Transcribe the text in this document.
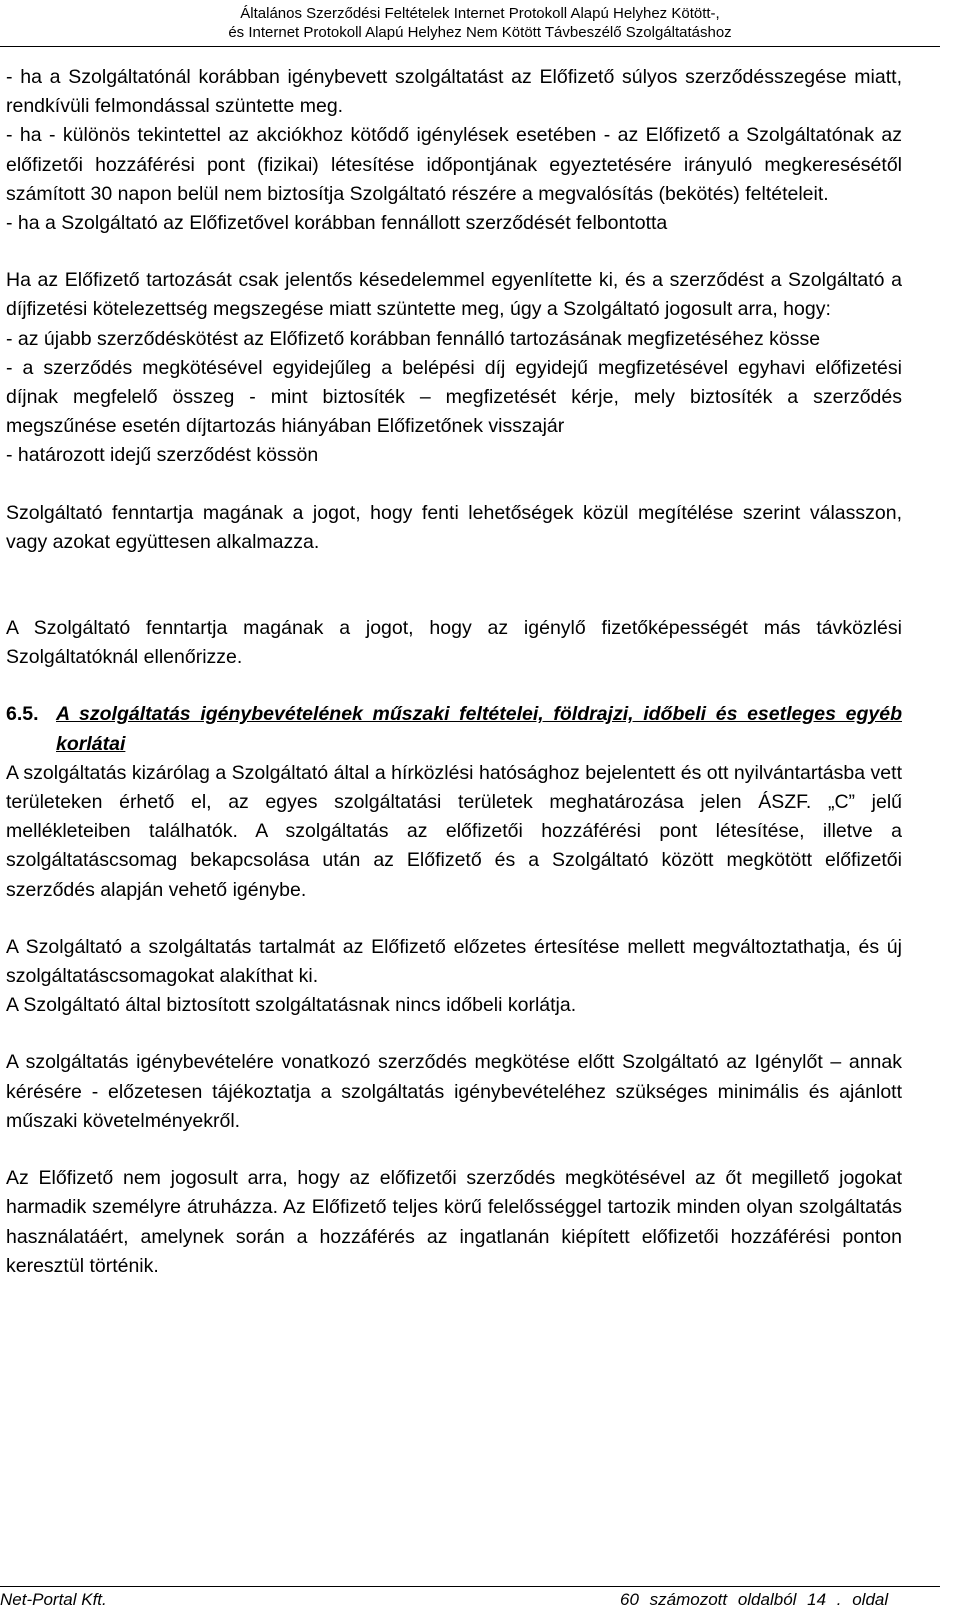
Általános Szerződési Feltételek Internet Protokoll Alapú Helyhez Kötött-,
és Internet Protokoll Alapú Helyhez Nem Kötött Távbeszélő Szolgáltatáshoz

- ha a Szolgáltatónál korábban igénybevett szolgáltatást az Előfizető súlyos szerződésszegése miatt, rendkívüli felmondással szüntette meg.

- ha - különös tekintettel az akciókhoz kötődő igénylések esetében - az Előfizető a Szolgáltatónak az előfizetői hozzáférési pont (fizikai) létesítése időpontjának egyeztetésére irányuló megkeresésétől számított 30 napon belül nem biztosítja Szolgáltató részére a megvalósítás (bekötés) feltételeit.

- ha a Szolgáltató az Előfizetővel korábban fennállott szerződését felbontotta

Ha az Előfizető tartozását csak jelentős késedelemmel egyenlítette ki, és a szerződést a Szolgáltató a díjfizetési kötelezettség megszegése miatt szüntette meg, úgy a Szolgáltató jogosult arra, hogy:

- az újabb szerződéskötést az Előfizető korábban fennálló tartozásának megfizetéséhez kösse

- a szerződés megkötésével egyidejűleg a belépési díj egyidejű megfizetésével egyhavi előfizetési díjnak megfelelő összeg - mint biztosíték – megfizetését kérje, mely biztosíték a szerződés megszűnése esetén díjtartozás hiányában Előfizetőnek visszajár

- határozott idejű szerződést kössön

Szolgáltató fenntartja magának a jogot, hogy fenti lehetőségek közül megítélése szerint válasszon, vagy azokat együttesen alkalmazza.

A Szolgáltató fenntartja magának a jogot, hogy az igénylő fizetőképességét más távközlési Szolgáltatóknál ellenőrizze.

6.5. A szolgáltatás igénybevételének műszaki feltételei, földrajzi, időbeli és esetleges egyéb korlátai

A szolgáltatás kizárólag a Szolgáltató által a hírközlési hatósághoz bejelentett és ott nyilvántartásba vett területeken érhető el, az egyes szolgáltatási területek meghatározása jelen ÁSZF. „C” jelű mellékleteiben találhatók. A szolgáltatás az előfizetői hozzáférési pont létesítése, illetve a szolgáltatáscsomag bekapcsolása után az Előfizető és a Szolgáltató között megkötött előfizetői szerződés alapján vehető igénybe.

A Szolgáltató a szolgáltatás tartalmát az Előfizető előzetes értesítése mellett megváltoztathatja, és új szolgáltatáscsomagokat alakíthat ki.

A Szolgáltató által biztosított szolgáltatásnak nincs időbeli korlátja.

A szolgáltatás igénybevételére vonatkozó szerződés megkötése előtt Szolgáltató az Igénylőt – annak kérésére - előzetesen tájékoztatja a szolgáltatás igénybevételéhez szükséges minimális és ajánlott műszaki követelményekről.

Az Előfizető nem jogosult arra, hogy az előfizetői szerződés megkötésével az őt megillető jogokat harmadik személyre átruházza. Az Előfizető teljes körű felelősséggel tartozik minden olyan szolgáltatás használatáért, amelynek során a hozzáférés az ingatlanán kiépített előfizetői hozzáférési ponton keresztül történik.

Net-Portal Kft.	60 számozott oldalból 14 . oldal
